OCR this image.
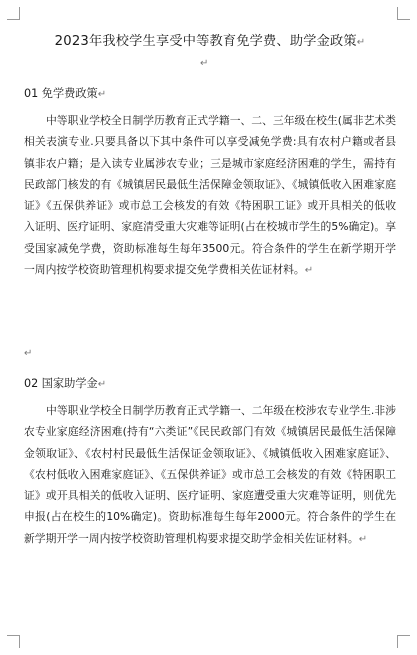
2023年我校学生享受中等教育免学费、助学金政策↵
↵
01 免学费政策↵
中等职业学校全日制学历教育正式学籍一、二、三年级在校生(属非艺术类相关表演专业.只要具备以下其中条件可以享受减免学费:具有农村户籍或者县镇非农户籍；是入读专业属涉农专业；三是城市家庭经济困难的学生，需持有民政部门核发的有《城镇居民最低生活保障金领取证》、《城镇低收入困难家庭证》《五保供养证》或市总工会核发的有效《特困职工证》或开具相关的低收入证明、医疗证明、家庭清受重大灾难等证明(占在校城市学生的5%确定)。享受国家减免学费，资助标准每生每年3500元。符合条件的学生在新学期开学一周内按学校资助管理机构要求提交免学费相关佐证材料。↵
↵
02 国家助学金↵
中等职业学校全日制学历教育正式学籍一、二年级在校涉农专业学生.非涉农专业家庭经济困难(持有“六类证”《民民政部门有效《城镇居民最低生活保障金领取证》、《农村村民最低生活保证金领取证》、《城镇低收入困难家庭证》、《农村低收入困难家庭证》、《五保供养证》或市总工会核发的有效《特困职工证》或开具相关的低收入证明、医疗证明、家庭遭受重大灾难等证明，则优先申报(占在校生的10%确定)。资助标准每生每年2000元。符合条件的学生在新学期开学一周内按学校资助管理机构要求提交助学金相关佐证材料。↵
